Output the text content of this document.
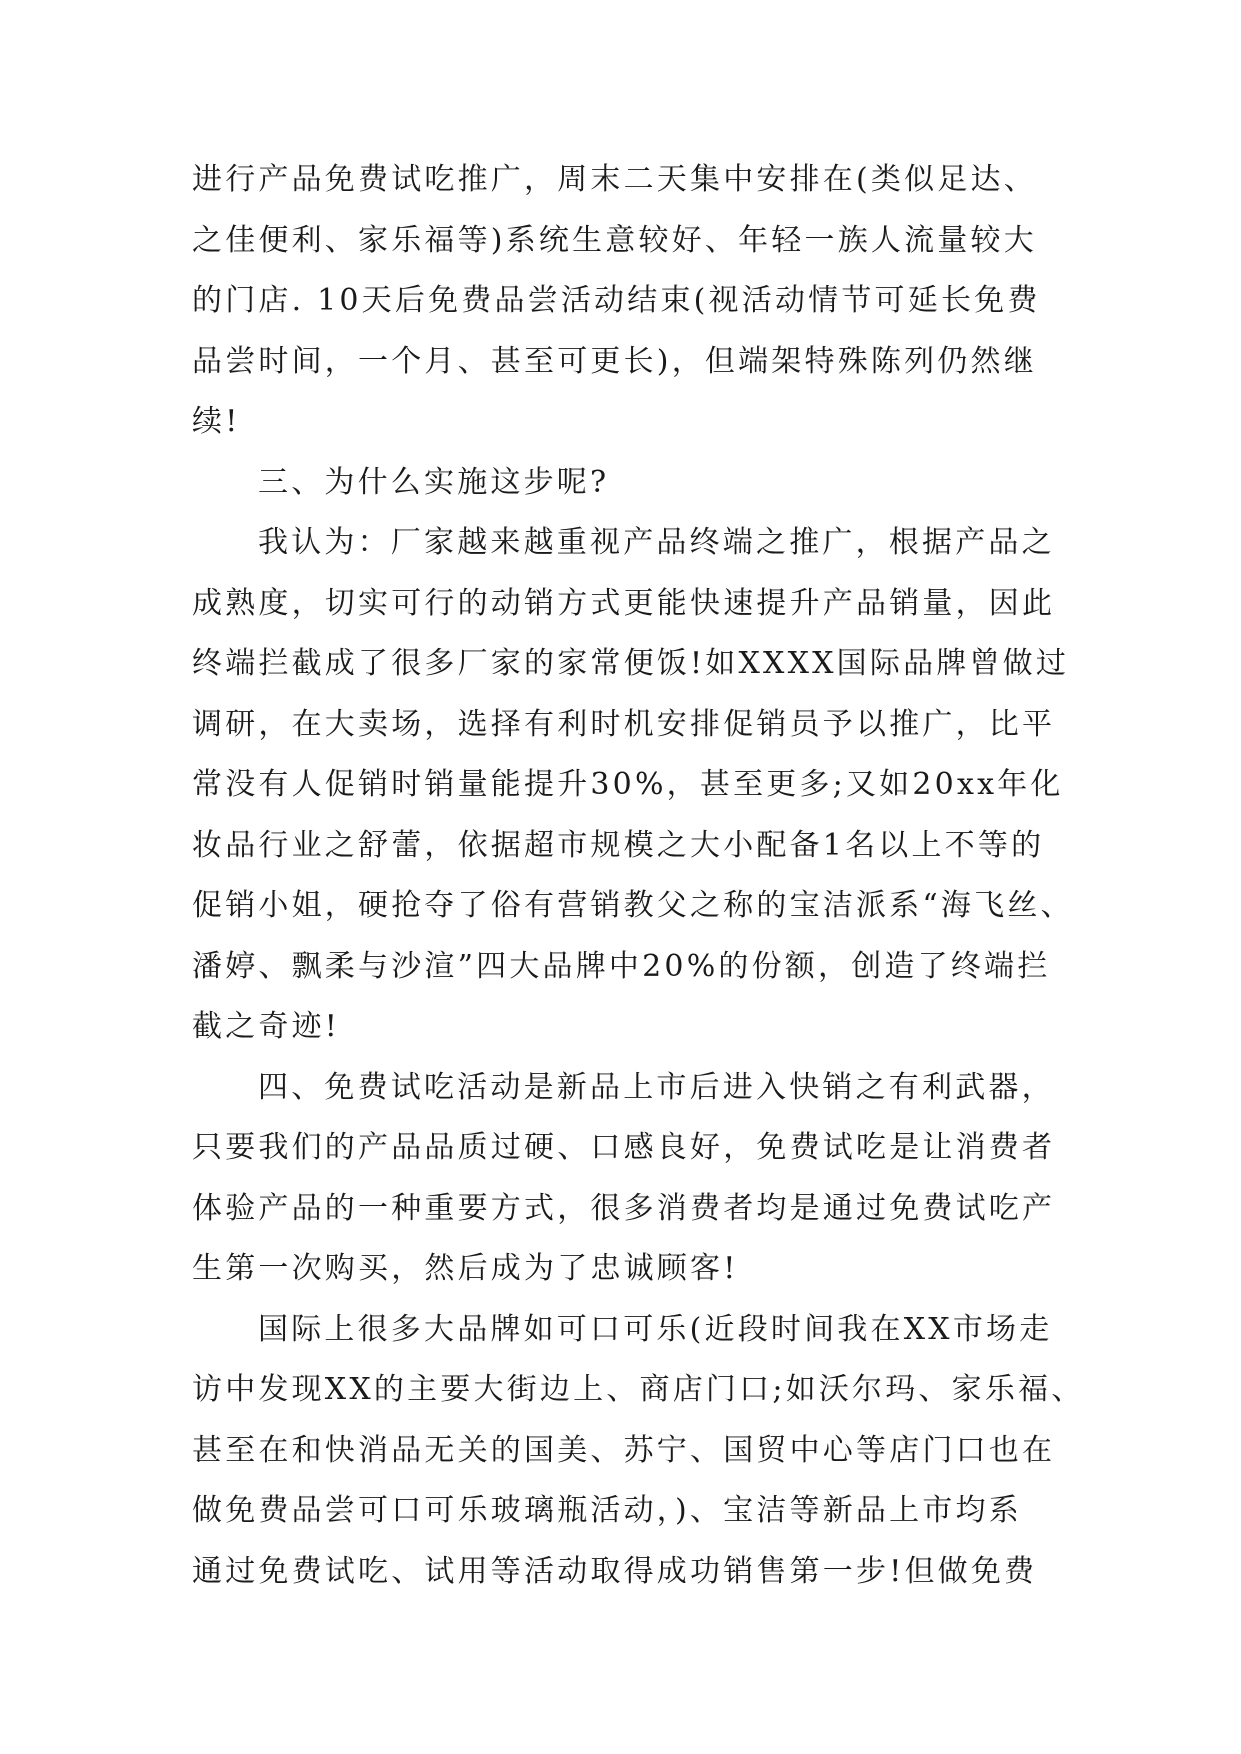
进行产品免费试吃推广，周末二天集中安排在(类似足达、
之佳便利、家乐福等)系统生意较好、年轻一族人流量较大
的门店. 10天后免费品尝活动结束(视活动情节可延长免费
品尝时间，一个月、甚至可更长)，但端架特殊陈列仍然继
续!
三、为什么实施这步呢?
我认为：厂家越来越重视产品终端之推广，根据产品之
成熟度，切实可行的动销方式更能快速提升产品销量，因此
终端拦截成了很多厂家的家常便饭!如XXXX国际品牌曾做过
调研，在大卖场，选择有利时机安排促销员予以推广，比平
常没有人促销时销量能提升30%，甚至更多;又如20xx年化
妆品行业之舒蕾，依据超市规模之大小配备1名以上不等的
促销小姐，硬抢夺了俗有营销教父之称的宝洁派系“海飞丝、
潘婷、飘柔与沙渲”四大品牌中20%的份额，创造了终端拦
截之奇迹!
四、免费试吃活动是新品上市后进入快销之有利武器，
只要我们的产品品质过硬、口感良好，免费试吃是让消费者
体验产品的一种重要方式，很多消费者均是通过免费试吃产
生第一次购买，然后成为了忠诚顾客!
国际上很多大品牌如可口可乐(近段时间我在XX市场走
访中发现XX的主要大街边上、商店门口;如沃尔玛、家乐福、
甚至在和快消品无关的国美、苏宁、国贸中心等店门口也在
做免费品尝可口可乐玻璃瓶活动，)、宝洁等新品上市均系
通过免费试吃、试用等活动取得成功销售第一步!但做免费
